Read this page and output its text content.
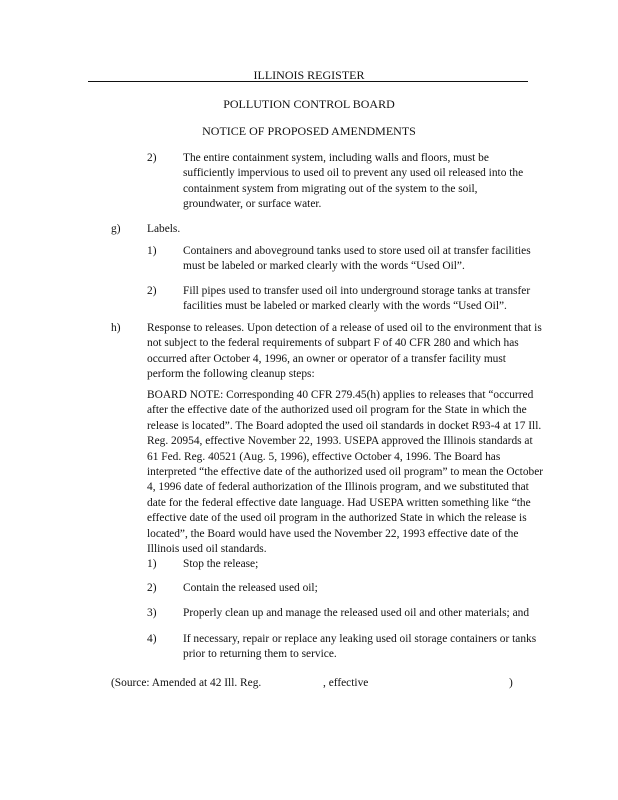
ILLINOIS REGISTER
POLLUTION CONTROL BOARD
NOTICE OF PROPOSED AMENDMENTS
2) The entire containment system, including walls and floors, must be sufficiently impervious to used oil to prevent any used oil released into the containment system from migrating out of the system to the soil, groundwater, or surface water.
g) Labels.
1) Containers and aboveground tanks used to store used oil at transfer facilities must be labeled or marked clearly with the words “Used Oil”.
2) Fill pipes used to transfer used oil into underground storage tanks at transfer facilities must be labeled or marked clearly with the words “Used Oil”.
h) Response to releases. Upon detection of a release of used oil to the environment that is not subject to the federal requirements of subpart F of 40 CFR 280 and which has occurred after October 4, 1996, an owner or operator of a transfer facility must perform the following cleanup steps:
BOARD NOTE: Corresponding 40 CFR 279.45(h) applies to releases that “occurred after the effective date of the authorized used oil program for the State in which the release is located”. The Board adopted the used oil standards in docket R93-4 at 17 Ill. Reg. 20954, effective November 22, 1993. USEPA approved the Illinois standards at 61 Fed. Reg. 40521 (Aug. 5, 1996), effective October 4, 1996. The Board has interpreted “the effective date of the authorized used oil program” to mean the October 4, 1996 date of federal authorization of the Illinois program, and we substituted that date for the federal effective date language. Had USEPA written something like “the effective date of the used oil program in the authorized State in which the release is located”, the Board would have used the November 22, 1993 effective date of the Illinois used oil standards.
1) Stop the release;
2) Contain the released used oil;
3) Properly clean up and manage the released used oil and other materials; and
4) If necessary, repair or replace any leaking used oil storage containers or tanks prior to returning them to service.
(Source: Amended at 42 Ill. Reg.	, effective	)
